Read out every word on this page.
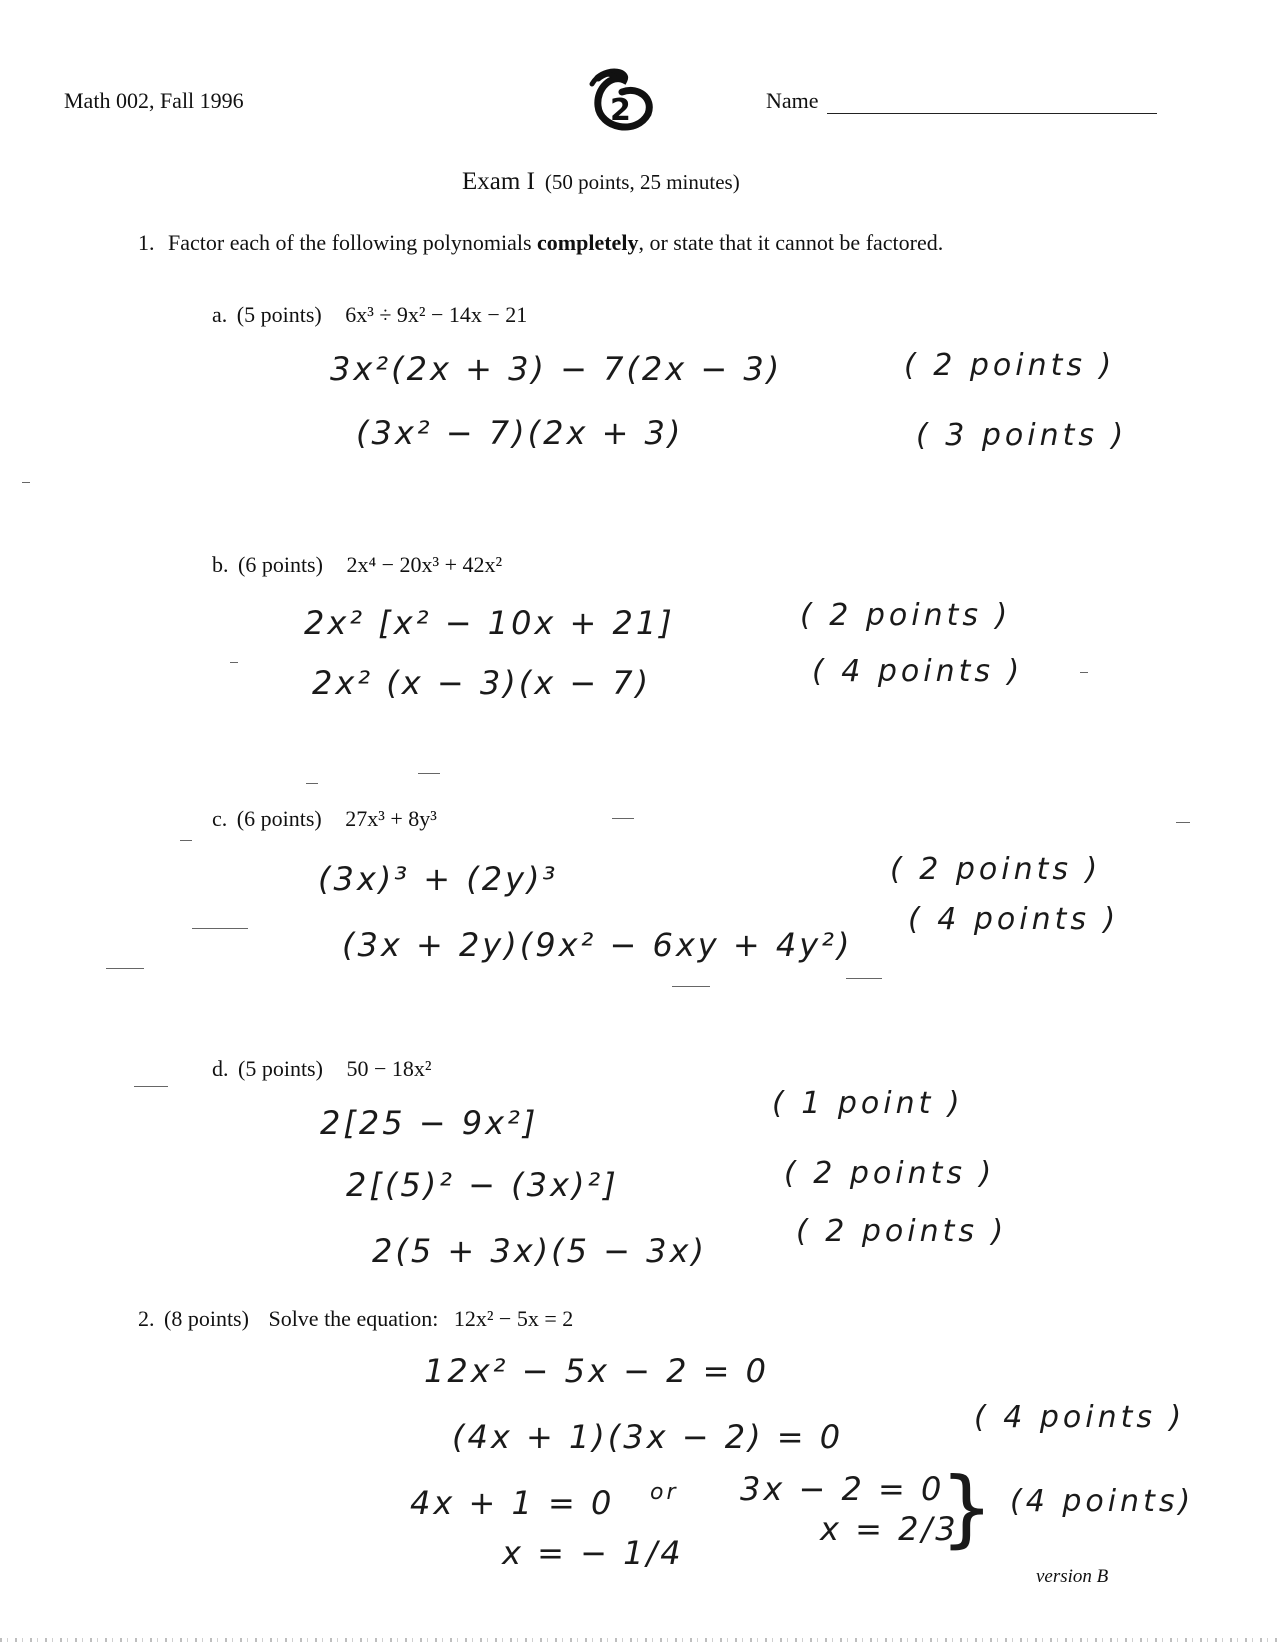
Math 002, Fall 1996	2	Name
Exam I (50 points, 25 minutes)
1. Factor each of the following polynomials completely, or state that it cannot be factored.
a. (5 points) 6x³ ÷ 9x² − 14x − 21
3x²(2x + 3) − 7(2x − 3)
(3x² − 7)(2x + 3)
( 2 points )
( 3 points )
b. (6 points) 2x⁴ − 20x³ + 42x²
2x² [x² − 10x + 21]
2x² (x − 3)(x − 7)
( 2 points )
( 4 points )
c. (6 points) 27x³ + 8y³
(3x)³ + (2y)³
(3x + 2y)(9x² − 6xy + 4y²)
( 2 points )
( 4 points )
d. (5 points) 50 − 18x²
2[25 − 9x²]
2[(5)² − (3x)²]
2(5 + 3x)(5 − 3x)
( 1 point )
( 2 points )
( 2 points )
2. (8 points) Solve the equation: 12x² − 5x = 2
12x² − 5x − 2 = 0
(4x + 1)(3x − 2) = 0
4x + 1 = 0 or 3x − 2 = 0
x = − 1/4
x = 2/3
}
( 4 points )
(4 points)
version B
